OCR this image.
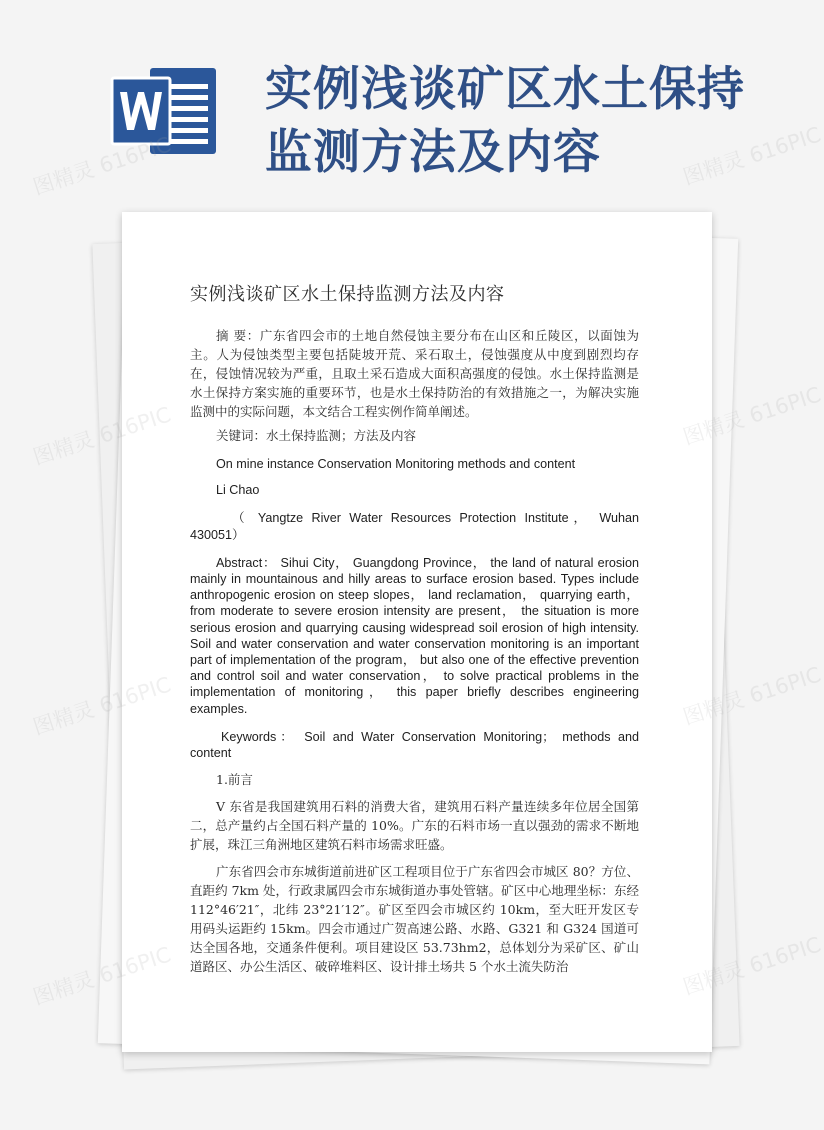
实例浅谈矿区水土保持监测方法及内容
实例浅谈矿区水土保持监测方法及内容

摘 要：广东省四会市的土地自然侵蚀主要分布在山区和丘陵区，以面蚀为主。人为侵蚀类型主要包括陡坡开荒、采石取土，侵蚀强度从中度到剧烈均存在，侵蚀情况较为严重，且取土采石造成大面积高强度的侵蚀。水土保持监测是水土保持方案实施的重要环节，也是水土保持防治的有效措施之一，为解决实施监测中的实际问题，本文结合工程实例作简单阐述。

关键词：水土保持监测；方法及内容

On mine instance Conservation Monitoring methods and content

Li Chao

（ Yangtze River Water Resources Protection Institute， Wuhan 430051）

Abstract： Sihui City， Guangdong Province， the land of natural erosion mainly in mountainous and hilly areas to surface erosion based. Types include anthropogenic erosion on steep slopes， land reclamation， quarrying earth， from moderate to severe erosion intensity are present， the situation is more serious erosion and quarrying causing widespread soil erosion of high intensity. Soil and water conservation and water conservation monitoring is an important part of implementation of the program， but also one of the effective prevention and control soil and water conservation， to solve practical problems in the implementation of monitoring， this paper briefly describes engineering examples.

Keywords： Soil and Water Conservation Monitoring； methods and content

1.前言

V 东省是我国建筑用石料的消费大省，建筑用石料产量连续多年位居全国第二，总产量约占全国石料产量的 10%。广东的石料市场一直以强劲的需求不断地扩展，珠江三角洲地区建筑石料市场需求旺盛。

广东省四会市东城街道前进矿区工程项目位于广东省四会市城区 80？方位、直距约 7km 处，行政隶属四会市东城街道办事处管辖。矿区中心地理坐标：东经 112°46′21″，北纬 23°21′12″。矿区至四会市城区约 10km，至大旺开发区专用码头运距约 15km。四会市通过广贺高速公路、水路、G321 和 G324 国道可达全国各地，交通条件便利。项目建设区 53.73hm2，总体划分为采矿区、矿山道路区、办公生活区、破碎堆料区、设计排土场共 5 个水土流失防治

图精灵 616PIC	图精灵 616PIC
图精灵	图精灵 616PIC
图精灵 616PIC	图精灵 616PIC
图精灵	图精灵 616PIC
